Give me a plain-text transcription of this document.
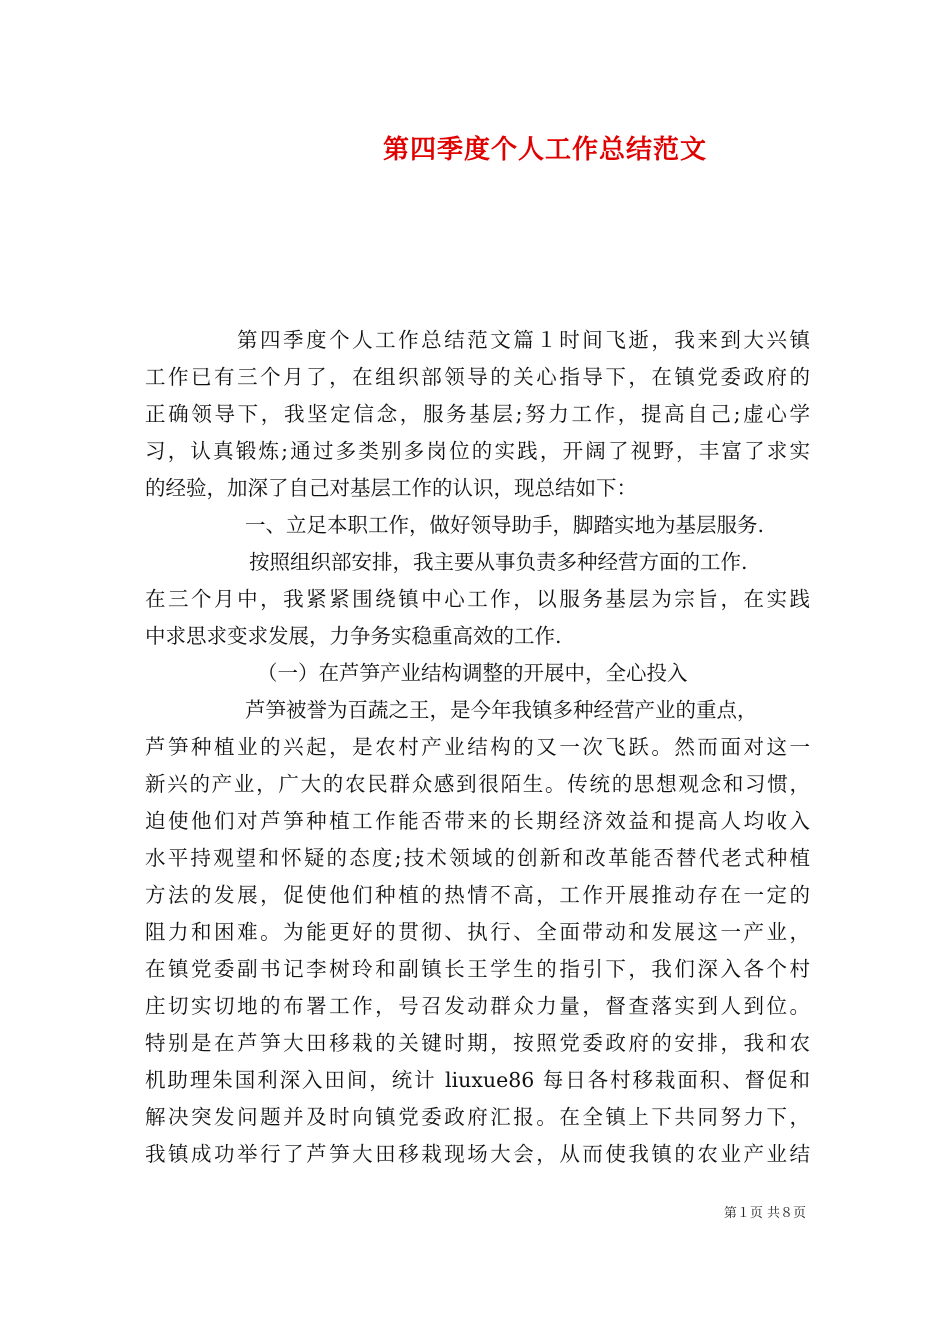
第四季度个人工作总结范文
第四季度个人工作总结范文篇１时间飞逝，我来到大兴镇
工作已有三个月了，在组织部领导的关心指导下，在镇党委政府的
正确领导下，我坚定信念，服务基层;努力工作，提高自己;虚心学
习，认真锻炼;通过多类别多岗位的实践，开阔了视野，丰富了求实
的经验，加深了自己对基层工作的认识，现总结如下：
一、立足本职工作，做好领导助手，脚踏实地为基层服务.
按照组织部安排，我主要从事负责多种经营方面的工作.
在三个月中，我紧紧围绕镇中心工作，以服务基层为宗旨，在实践
中求思求变求发展，力争务实稳重高效的工作.
（一）在芦笋产业结构调整的开展中，全心投入
芦笋被誉为百蔬之王，是今年我镇多种经营产业的重点，
芦笋种植业的兴起，是农村产业结构的又一次飞跃。然而面对这一
新兴的产业，广大的农民群众感到很陌生。传统的思想观念和习惯，
迫使他们对芦笋种植工作能否带来的长期经济效益和提高人均收入
水平持观望和怀疑的态度;技术领域的创新和改革能否替代老式种植
方法的发展，促使他们种植的热情不高，工作开展推动存在一定的
阻力和困难。为能更好的贯彻、执行、全面带动和发展这一产业，
在镇党委副书记李树玲和副镇长王学生的指引下，我们深入各个村
庄切实切地的布署工作，号召发动群众力量，督查落实到人到位。
特别是在芦笋大田移栽的关键时期，按照党委政府的安排，我和农
机助理朱国利深入田间，统计 liuxue86 每日各村移栽面积、督促和
解决突发问题并及时向镇党委政府汇报。在全镇上下共同努力下，
我镇成功举行了芦笋大田移栽现场大会，从而使我镇的农业产业结
第１页 共８页
